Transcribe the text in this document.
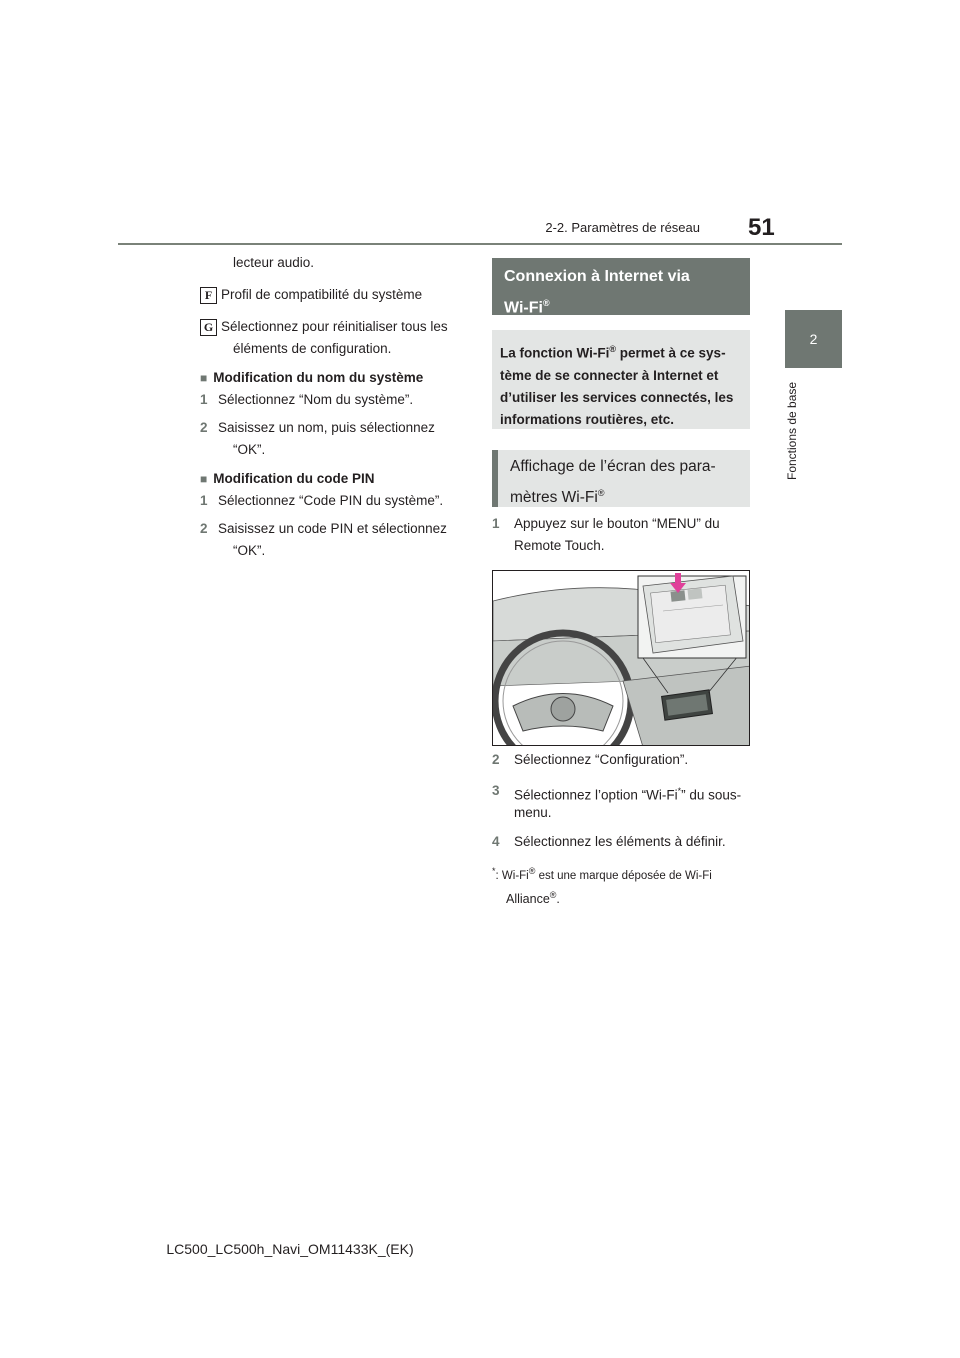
2-2. Paramètres de réseau 51
2
Fonctions de base
lecteur audio.
F Profil de compatibilité du système
G Sélectionnez pour réinitialiser tous les
éléments de configuration.
■ Modification du nom du système
1 Sélectionnez “Nom du système”.
2 Saisissez un nom, puis sélectionnez
“OK”.
■ Modification du code PIN
1 Sélectionnez “Code PIN du système”.
2 Saisissez un code PIN et sélectionnez
“OK”.
Connexion à Internet via
Wi-Fi®
La fonction Wi-Fi® permet à ce sys-
tème de se connecter à Internet et
d’utiliser les services connectés, les
informations routières, etc.
Affichage de l’écran des para-
mètres Wi-Fi®
1 Appuyez sur le bouton “MENU” du
Remote Touch.
2 Sélectionnez “Configuration”.
3 Sélectionnez l’option “Wi-Fi*” du sous-
menu.
4 Sélectionnez les éléments à définir.
*: Wi-Fi® est une marque déposée de Wi-Fi
Alliance®.
LC500_LC500h_Navi_OM11433K_(EK)
